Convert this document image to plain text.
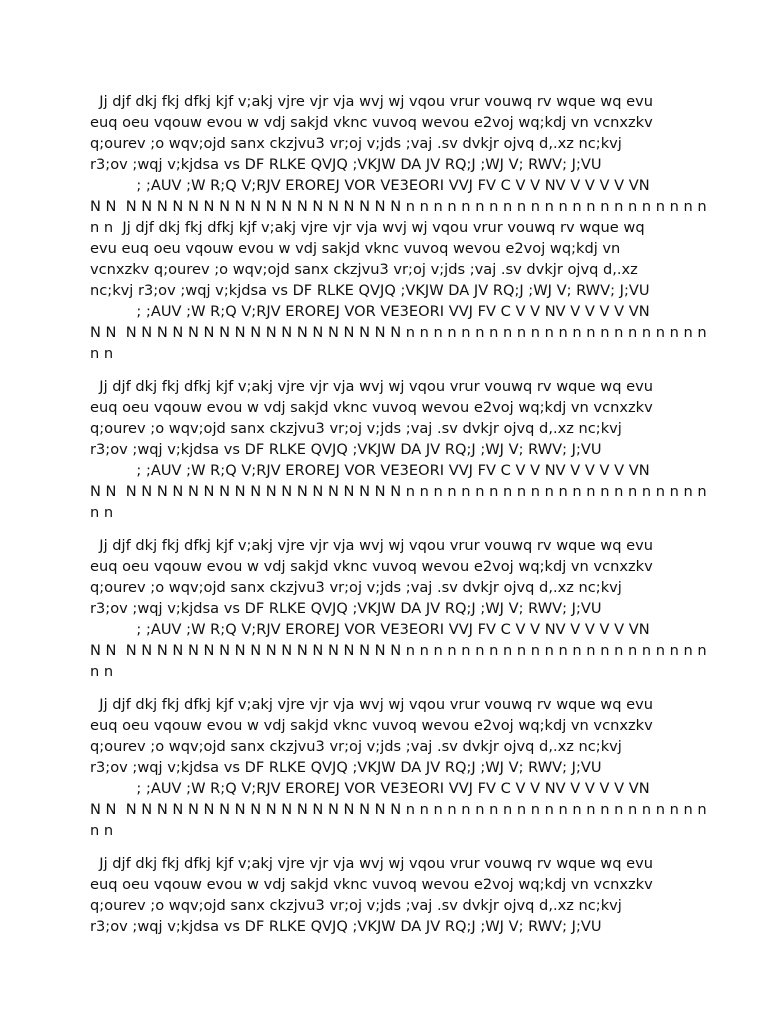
Jj djf dkj fkj dfkj kjf v;akj vjre vjr vja wvj wj vqou vrur vouwq rv wque wq evu
euq oeu vqouw evou w vdj sakjd vknc vuvoq wevou e2voj wq;kdj vn vcnxzkv
q;ourev ;o wqv;ojd sanx ckzjvu3 vr;oj v;jds ;vaj .sv dvkjr ojvq d,.xz nc;kvj
r3;ov ;wqj v;kjdsa vs DF RLKE QVJQ ;VKJW DA JV RQ;J ;WJ V; RWV; J;VU
; ;AUV ;W R;Q V;RJV EROREJ VOR VE3EORI VVJ FV C V V NV V V V V VN
N N  N N N N N N N N N N N N N N N N N N n n n n n n n n n n n n n n n n n n n n n n
n n  Jj djf dkj fkj dfkj kjf v;akj vjre vjr vja wvj wj vqou vrur vouwq rv wque wq
evu euq oeu vqouw evou w vdj sakjd vknc vuvoq wevou e2voj wq;kdj vn
vcnxzkv q;ourev ;o wqv;ojd sanx ckzjvu3 vr;oj v;jds ;vaj .sv dvkjr ojvq d,.xz
nc;kvj r3;ov ;wqj v;kjdsa vs DF RLKE QVJQ ;VKJW DA JV RQ;J ;WJ V; RWV; J;VU
; ;AUV ;W R;Q V;RJV EROREJ VOR VE3EORI VVJ FV C V V NV V V V V VN
N N  N N N N N N N N N N N N N N N N N N n n n n n n n n n n n n n n n n n n n n n n
n n
Jj djf dkj fkj dfkj kjf v;akj vjre vjr vja wvj wj vqou vrur vouwq rv wque wq evu
euq oeu vqouw evou w vdj sakjd vknc vuvoq wevou e2voj wq;kdj vn vcnxzkv
q;ourev ;o wqv;ojd sanx ckzjvu3 vr;oj v;jds ;vaj .sv dvkjr ojvq d,.xz nc;kvj
r3;ov ;wqj v;kjdsa vs DF RLKE QVJQ ;VKJW DA JV RQ;J ;WJ V; RWV; J;VU
; ;AUV ;W R;Q V;RJV EROREJ VOR VE3EORI VVJ FV C V V NV V V V V VN
N N  N N N N N N N N N N N N N N N N N N n n n n n n n n n n n n n n n n n n n n n n
n n
Jj djf dkj fkj dfkj kjf v;akj vjre vjr vja wvj wj vqou vrur vouwq rv wque wq evu
euq oeu vqouw evou w vdj sakjd vknc vuvoq wevou e2voj wq;kdj vn vcnxzkv
q;ourev ;o wqv;ojd sanx ckzjvu3 vr;oj v;jds ;vaj .sv dvkjr ojvq d,.xz nc;kvj
r3;ov ;wqj v;kjdsa vs DF RLKE QVJQ ;VKJW DA JV RQ;J ;WJ V; RWV; J;VU
; ;AUV ;W R;Q V;RJV EROREJ VOR VE3EORI VVJ FV C V V NV V V V V VN
N N  N N N N N N N N N N N N N N N N N N n n n n n n n n n n n n n n n n n n n n n n
n n
Jj djf dkj fkj dfkj kjf v;akj vjre vjr vja wvj wj vqou vrur vouwq rv wque wq evu
euq oeu vqouw evou w vdj sakjd vknc vuvoq wevou e2voj wq;kdj vn vcnxzkv
q;ourev ;o wqv;ojd sanx ckzjvu3 vr;oj v;jds ;vaj .sv dvkjr ojvq d,.xz nc;kvj
r3;ov ;wqj v;kjdsa vs DF RLKE QVJQ ;VKJW DA JV RQ;J ;WJ V; RWV; J;VU
; ;AUV ;W R;Q V;RJV EROREJ VOR VE3EORI VVJ FV C V V NV V V V V VN
N N  N N N N N N N N N N N N N N N N N N n n n n n n n n n n n n n n n n n n n n n n
n n
Jj djf dkj fkj dfkj kjf v;akj vjre vjr vja wvj wj vqou vrur vouwq rv wque wq evu
euq oeu vqouw evou w vdj sakjd vknc vuvoq wevou e2voj wq;kdj vn vcnxzkv
q;ourev ;o wqv;ojd sanx ckzjvu3 vr;oj v;jds ;vaj .sv dvkjr ojvq d,.xz nc;kvj
r3;ov ;wqj v;kjdsa vs DF RLKE QVJQ ;VKJW DA JV RQ;J ;WJ V; RWV; J;VU
